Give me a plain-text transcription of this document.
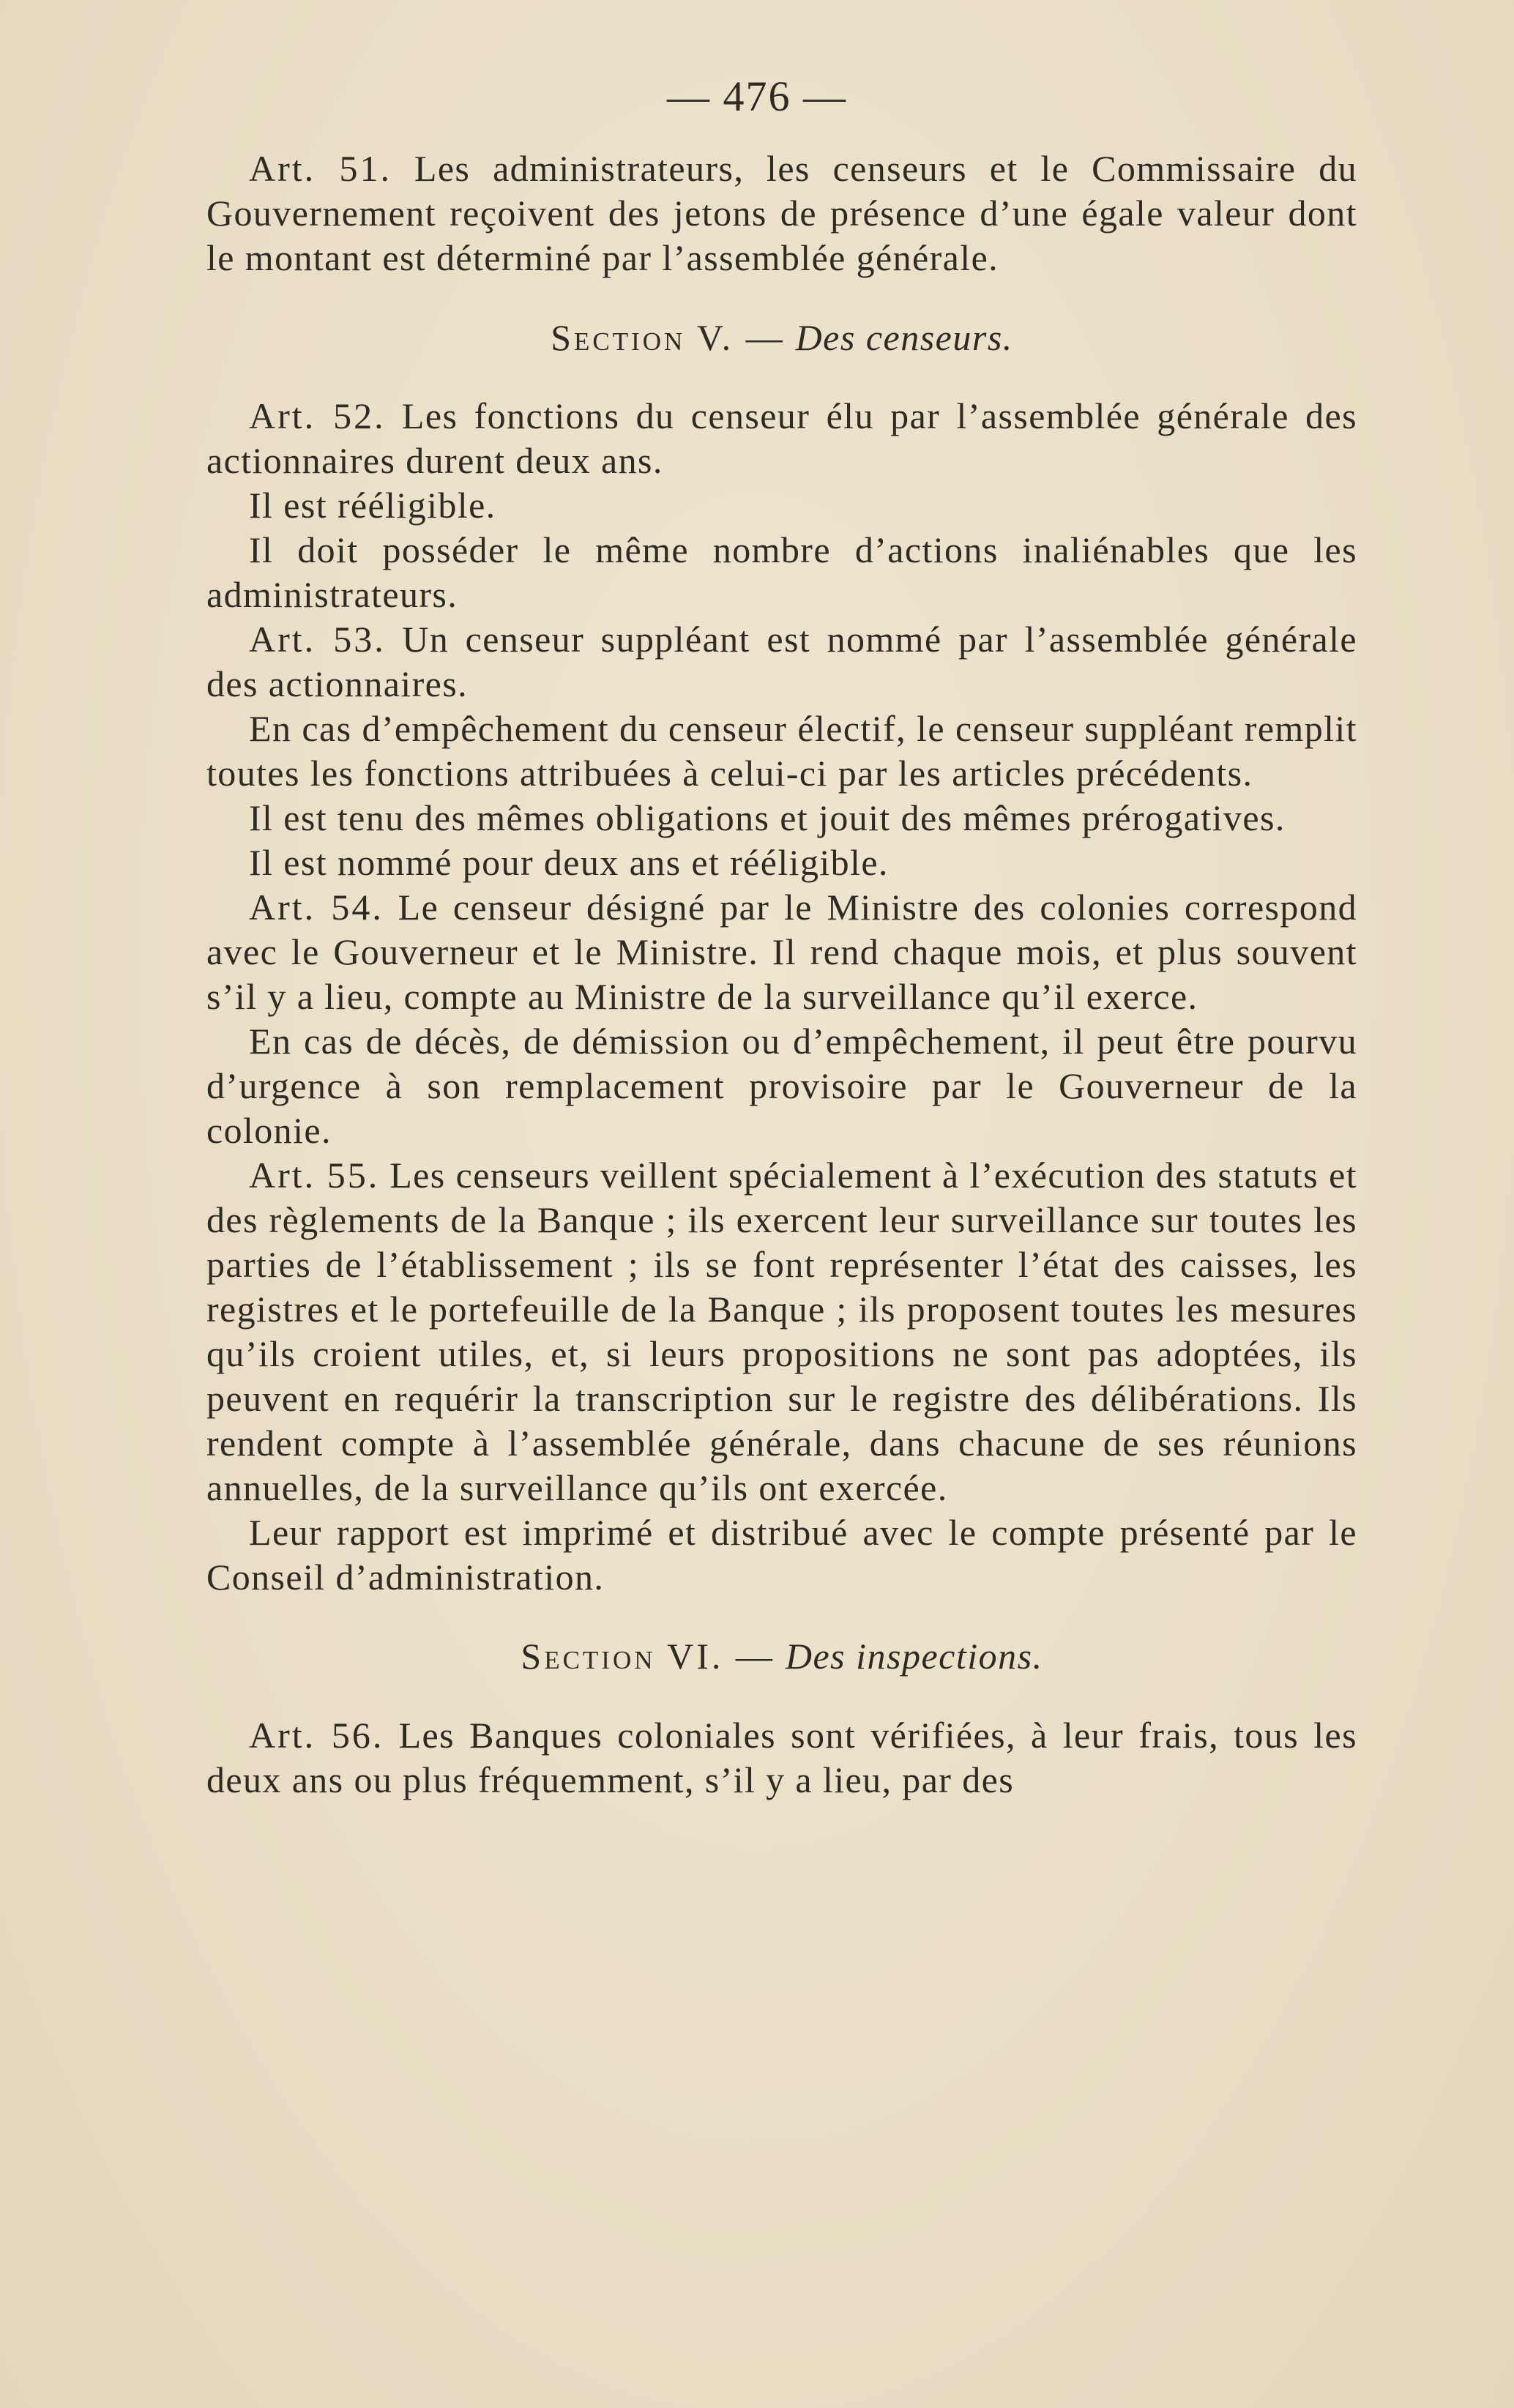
— 476 —

Art. 51. Les administrateurs, les censeurs et le Commissaire du Gouvernement reçoivent des jetons de présence d’une égale valeur dont le montant est déterminé par l’assemblée générale.

Section V. — Des censeurs.

Art. 52. Les fonctions du censeur élu par l’assemblée générale des actionnaires durent deux ans.

Il est rééligible.

Il doit posséder le même nombre d’actions inaliénables que les administrateurs.

Art. 53. Un censeur suppléant est nommé par l’assemblée générale des actionnaires.

En cas d’empêchement du censeur électif, le censeur suppléant remplit toutes les fonctions attribuées à celui-ci par les articles précédents.

Il est tenu des mêmes obligations et jouit des mêmes prérogatives.

Il est nommé pour deux ans et rééligible.

Art. 54. Le censeur désigné par le Ministre des colonies correspond avec le Gouverneur et le Ministre. Il rend chaque mois, et plus souvent s’il y a lieu, compte au Ministre de la surveillance qu’il exerce.

En cas de décès, de démission ou d’empêchement, il peut être pourvu d’urgence à son remplacement provisoire par le Gouverneur de la colonie.

Art. 55. Les censeurs veillent spécialement à l’exécution des statuts et des règlements de la Banque ; ils exercent leur surveillance sur toutes les parties de l’établissement ; ils se font représenter l’état des caisses, les registres et le portefeuille de la Banque ; ils proposent toutes les mesures qu’ils croient utiles, et, si leurs propositions ne sont pas adoptées, ils peuvent en requérir la transcription sur le registre des délibérations. Ils rendent compte à l’assemblée générale, dans chacune de ses réunions annuelles, de la surveillance qu’ils ont exercée.

Leur rapport est imprimé et distribué avec le compte présenté par le Conseil d’administration.

Section VI. — Des inspections.

Art. 56. Les Banques coloniales sont vérifiées, à leur frais, tous les deux ans ou plus fréquemment, s’il y a lieu, par des
